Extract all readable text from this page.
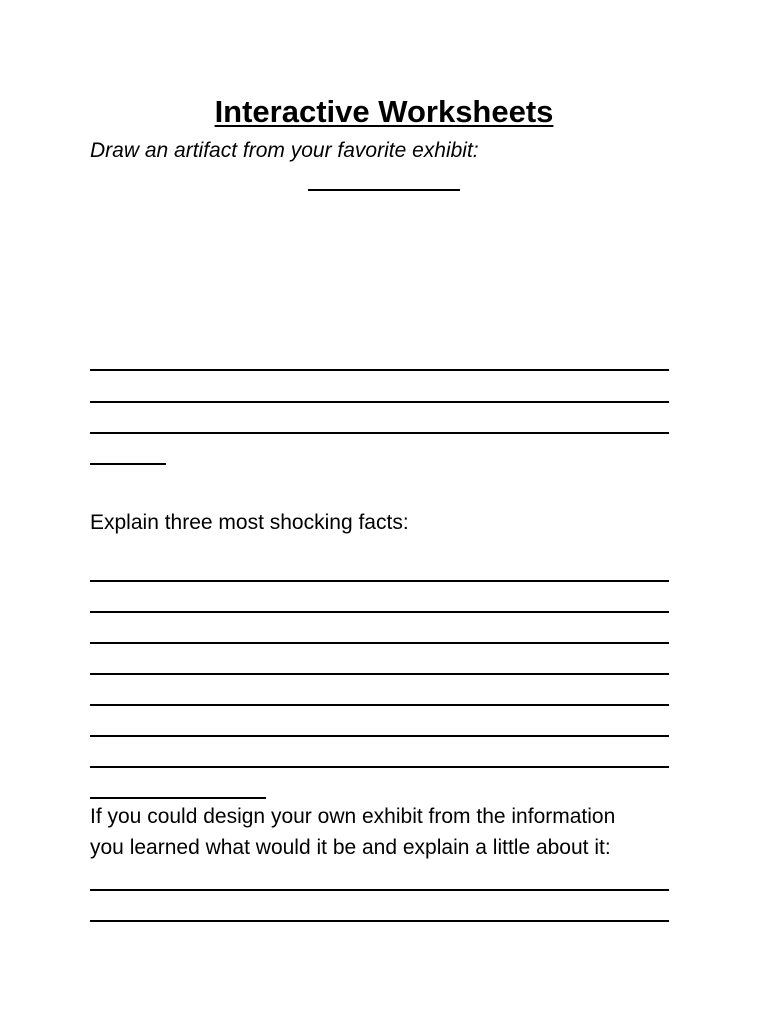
Interactive Worksheets

Draw an artifact from your favorite exhibit:

Explain three most shocking facts:

If you could design your own exhibit from the information

you learned what would it be and explain a little about it:
